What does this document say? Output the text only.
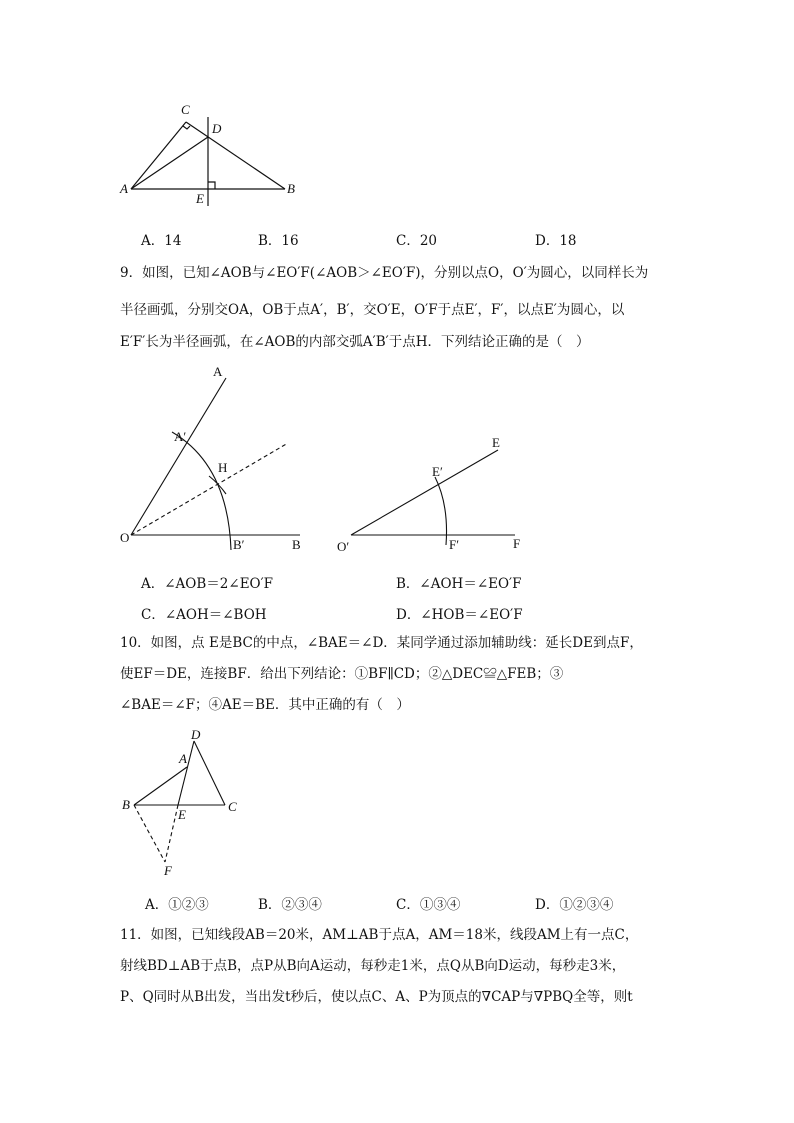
C
D
A
E
B
A．14	B．16	C．20	D．18
9．如图，已知∠AOB与∠EO′F(∠AOB＞∠EO′F)，分别以点O，O′为圆心，以同样长为
半径画弧，分别交OA，OB于点A′，B′，交O′E，O′F于点E′，F′，以点E′为圆心，以
E′F′长为半径画弧，在∠AOB的内部交弧A′B′于点H．下列结论正确的是（　）
A
A′
H
O	B′	B
E
E′
O′	F′	F
A．∠AOB＝2∠EO′F	B．∠AOH＝∠EO′F
C．∠AOH＝∠BOH	D．∠HOB＝∠EO′F
10．如图，点 E是BC的中点，∠BAE＝∠D．某同学通过添加辅助线：延长DE到点F，
使EF＝DE，连接BF．给出下列结论：①BF∥CD；②△DEC≌△FEB；③
∠BAE＝∠F；④AE＝BE．其中正确的有（　）
D
A
B
E
C
F
A．①②③	B．②③④	C．①③④	D．①②③④
11．如图，已知线段AB＝20米，AM⊥AB于点A，AM＝18米，线段AM上有一点C，
射线BD⊥AB于点B，点P从B向A运动，每秒走1米，点Q从B向D运动，每秒走3米，
P、Q同时从B出发，当出发t秒后，使以点C、A、P为顶点的∇CAP与∇PBQ全等，则t
